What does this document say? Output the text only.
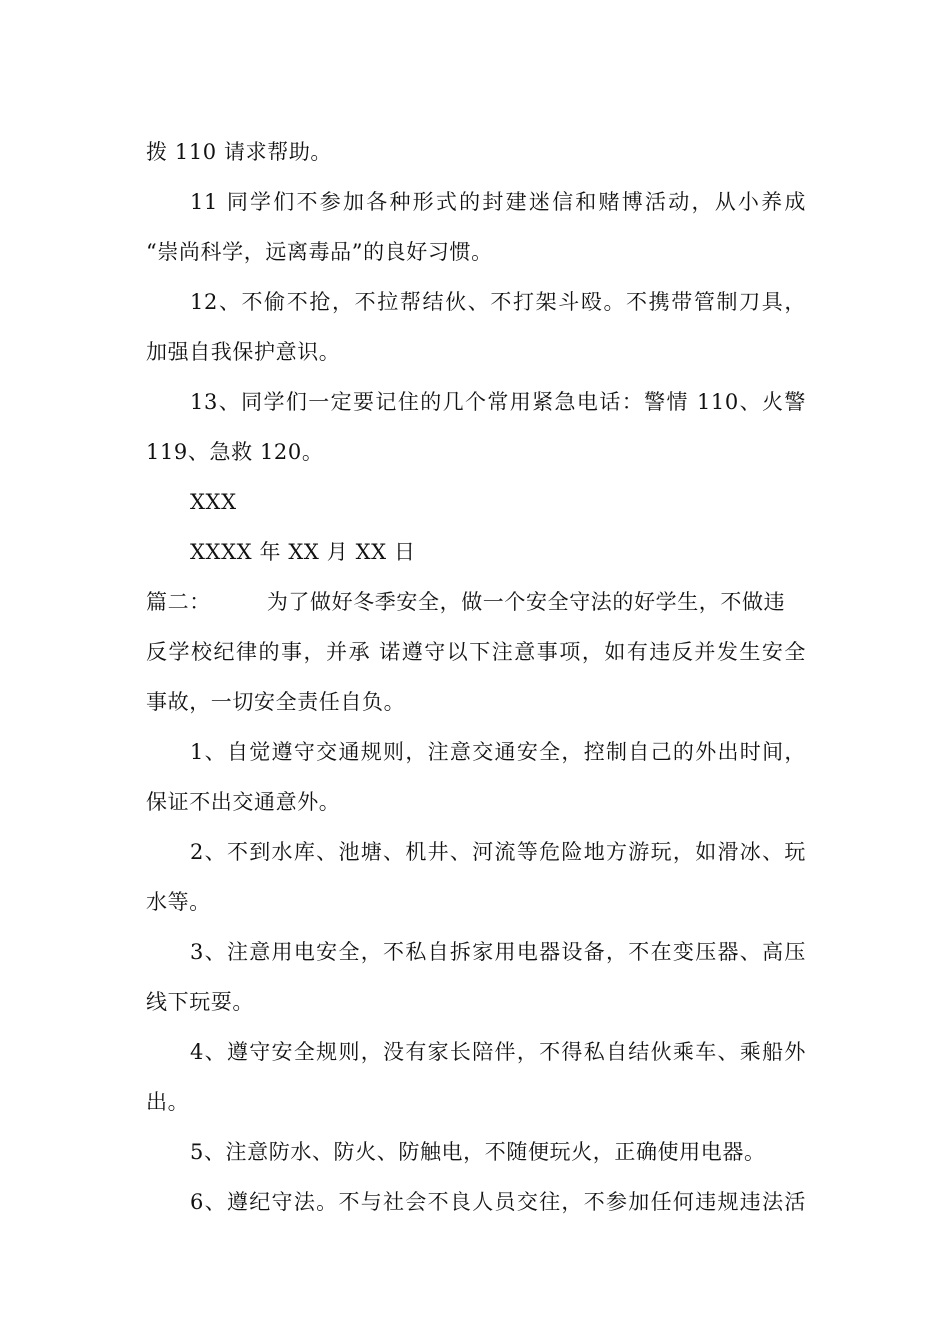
拨 110 请求帮助。
11 同学们不参加各种形式的封建迷信和赌博活动，从小养成
“崇尚科学，远离毒品”的良好习惯。
12、不偷不抢，不拉帮结伙、不打架斗殴。不携带管制刀具，
加强自我保护意识。
13、同学们一定要记住的几个常用紧急电话：警情 110、火警
119、急救 120。
XXX
XXXX 年 XX 月 XX 日
篇二：	为了做好冬季安全，做一个安全守法的好学生，不做违
反学校纪律的事，并承 诺遵守以下注意事项，如有违反并发生安全
事故，一切安全责任自负。
1、自觉遵守交通规则，注意交通安全，控制自己的外出时间，
保证不出交通意外。
2、不到水库、池塘、机井、河流等危险地方游玩，如滑冰、玩
水等。
3、注意用电安全，不私自拆家用电器设备，不在变压器、高压
线下玩耍。
4、遵守安全规则，没有家长陪伴，不得私自结伙乘车、乘船外
出。
5、注意防水、防火、防触电，不随便玩火，正确使用电器。
6、遵纪守法。不与社会不良人员交往，不参加任何违规违法活
